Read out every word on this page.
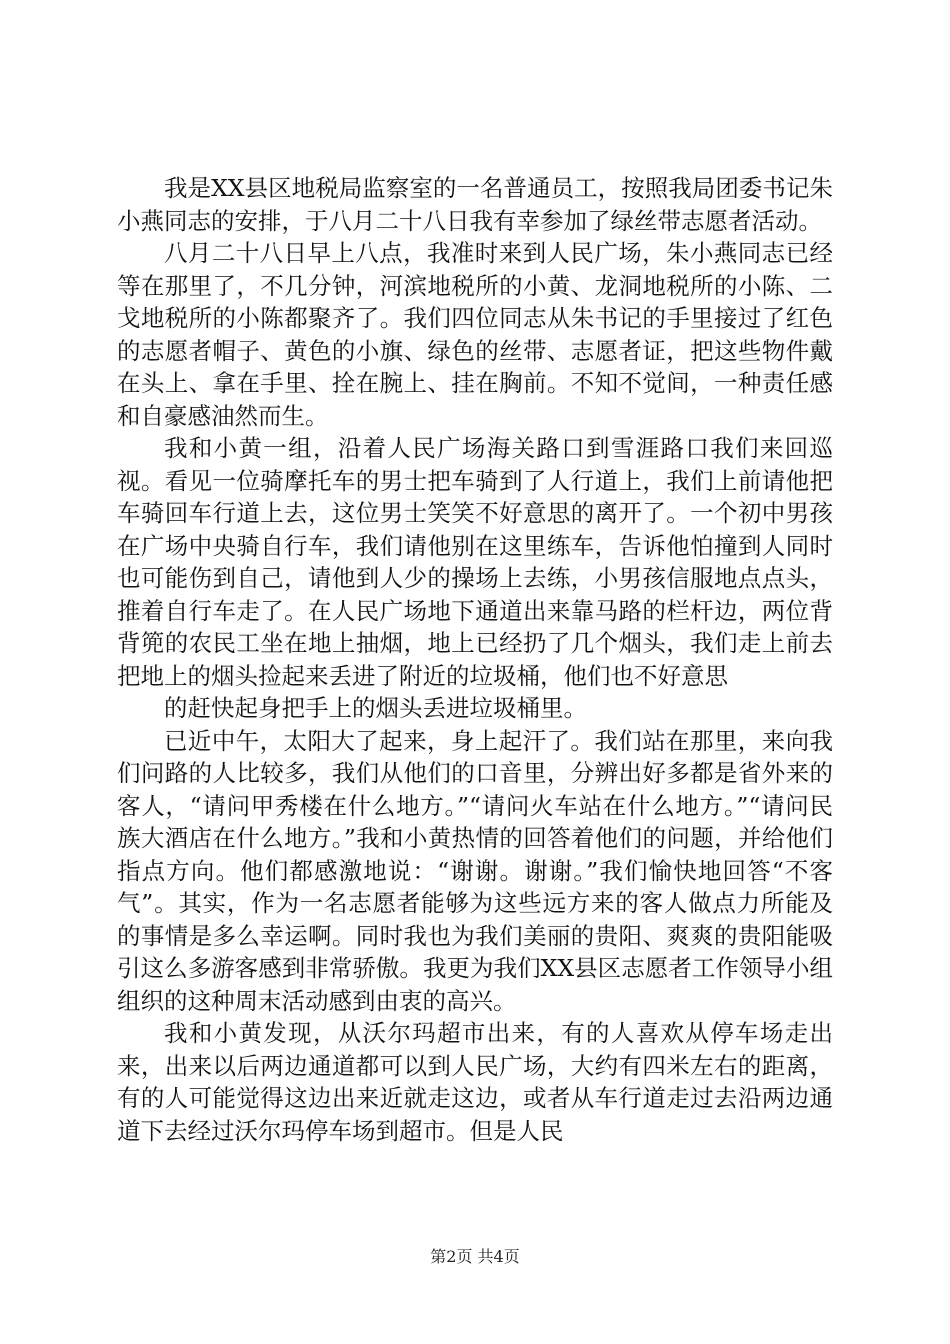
我是XX县区地税局监察室的一名普通员工，按照我局团委书记朱小燕同志的安排，于八月二十八日我有幸参加了绿丝带志愿者活动。

八月二十八日早上八点，我准时来到人民广场，朱小燕同志已经等在那里了，不几分钟，河滨地税所的小黄、龙洞地税所的小陈、二戈地税所的小陈都聚齐了。我们四位同志从朱书记的手里接过了红色的志愿者帽子、黄色的小旗、绿色的丝带、志愿者证，把这些物件戴在头上、拿在手里、拴在腕上、挂在胸前。不知不觉间，一种责任感和自豪感油然而生。

我和小黄一组，沿着人民广场海关路口到雪涯路口我们来回巡视。看见一位骑摩托车的男士把车骑到了人行道上，我们上前请他把车骑回车行道上去，这位男士笑笑不好意思的离开了。一个初中男孩在广场中央骑自行车，我们请他别在这里练车，告诉他怕撞到人同时也可能伤到自己，请他到人少的操场上去练，小男孩信服地点点头，推着自行车走了。在人民广场地下通道出来靠马路的栏杆边，两位背背篼的农民工坐在地上抽烟，地上已经扔了几个烟头，我们走上前去把地上的烟头捡起来丢进了附近的垃圾桶，他们也不好意思

的赶快起身把手上的烟头丢进垃圾桶里。

已近中午，太阳大了起来，身上起汗了。我们站在那里，来向我们问路的人比较多，我们从他们的口音里，分辨出好多都是省外来的客人，“请问甲秀楼在什么地方。”“请问火车站在什么地方。”“请问民族大酒店在什么地方。”我和小黄热情的回答着他们的问题，并给他们指点方向。他们都感激地说：“谢谢。谢谢。”我们愉快地回答“不客气”。其实，作为一名志愿者能够为这些远方来的客人做点力所能及的事情是多么幸运啊。同时我也为我们美丽的贵阳、爽爽的贵阳能吸引这么多游客感到非常骄傲。我更为我们XX县区志愿者工作领导小组组织的这种周末活动感到由衷的高兴。

我和小黄发现，从沃尔玛超市出来，有的人喜欢从停车场走出来，出来以后两边通道都可以到人民广场，大约有四米左右的距离，有的人可能觉得这边出来近就走这边，或者从车行道走过去沿两边通道下去经过沃尔玛停车场到超市。但是人民

第2页 共4页
